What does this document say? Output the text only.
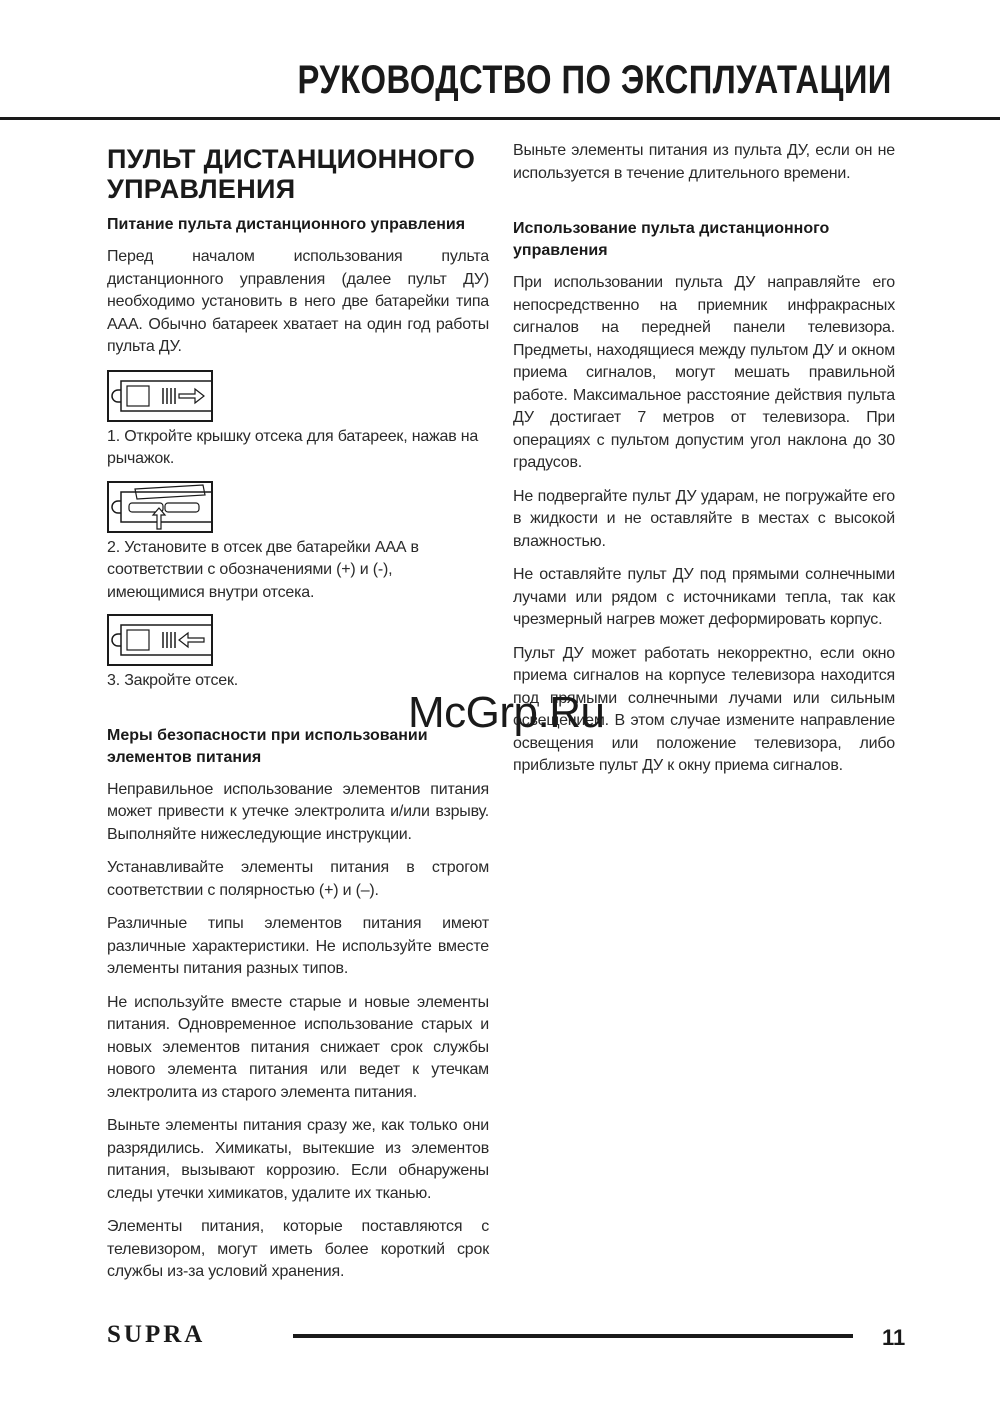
РУКОВОДСТВО ПО ЭКСПЛУАТАЦИИ
ПУЛЬТ ДИСТАНЦИОННОГО
УПРАВЛЕНИЯ
Питание пульта дистанционного управления
Перед началом использования пульта дистанционного управления (далее пульт ДУ) необходимо установить в него две батарейки типа ААА. Обычно батареек хватает на один год работы пульта ДУ.
1. Откройте крышку отсека для батареек, нажав на рычажок.
2. Установите в отсек две батарейки ААА в соответствии с обозначениями (+) и (-), имеющимися внутри отсека.
3. Закройте отсек.
Меры безопасности при использовании элементов питания
Неправильное использование элементов питания может привести к утечке электролита и/или взрыву. Выполняйте нижеследующие инструкции.
Устанавливайте элементы питания в строгом соответствии с полярностью (+) и (–).
Различные типы элементов питания имеют различные характеристики. Не используйте вместе элементы питания разных типов.
Не используйте вместе старые и новые элементы питания. Одновременное использование старых и новых элементов питания снижает срок службы нового элемента питания или ведет к утечкам электролита из старого элемента питания.
Выньте элементы питания сразу же, как только они разрядились. Химикаты, вытекшие из элементов питания, вызывают коррозию. Если обнаружены следы утечки химикатов, удалите их тканью.
Элементы питания, которые поставляются с телевизором, могут иметь более короткий срок службы из-за условий хранения.
Выньте элементы питания из пульта ДУ, если он не используется в течение длительного времени.
Использование пульта дистанционного управления
При использовании пульта ДУ направляйте его непосредственно на приемник инфракрасных сигналов на передней панели телевизора. Предметы, находящиеся между пультом ДУ и окном приема сигналов, могут мешать правильной работе. Максимальное расстояние действия пульта ДУ достигает 7 метров от телевизора. При операциях с пультом допустим угол наклона до 30 градусов.
Не подвергайте пульт ДУ ударам, не погружайте его в жидкости и не оставляйте в местах с высокой влажностью.
Не оставляйте пульт ДУ под прямыми солнечными лучами или рядом с источниками тепла, так как чрезмерный нагрев может деформировать корпус.
Пульт ДУ может работать некорректно, если окно приема сигналов на корпусе телевизора находится под прямыми солнечными лучами или сильным освещением. В этом случае измените направление освещения или положение телевизора, либо приблизьте пульт ДУ к окну приема сигналов.
McGrp.Ru
SUPRA	11
